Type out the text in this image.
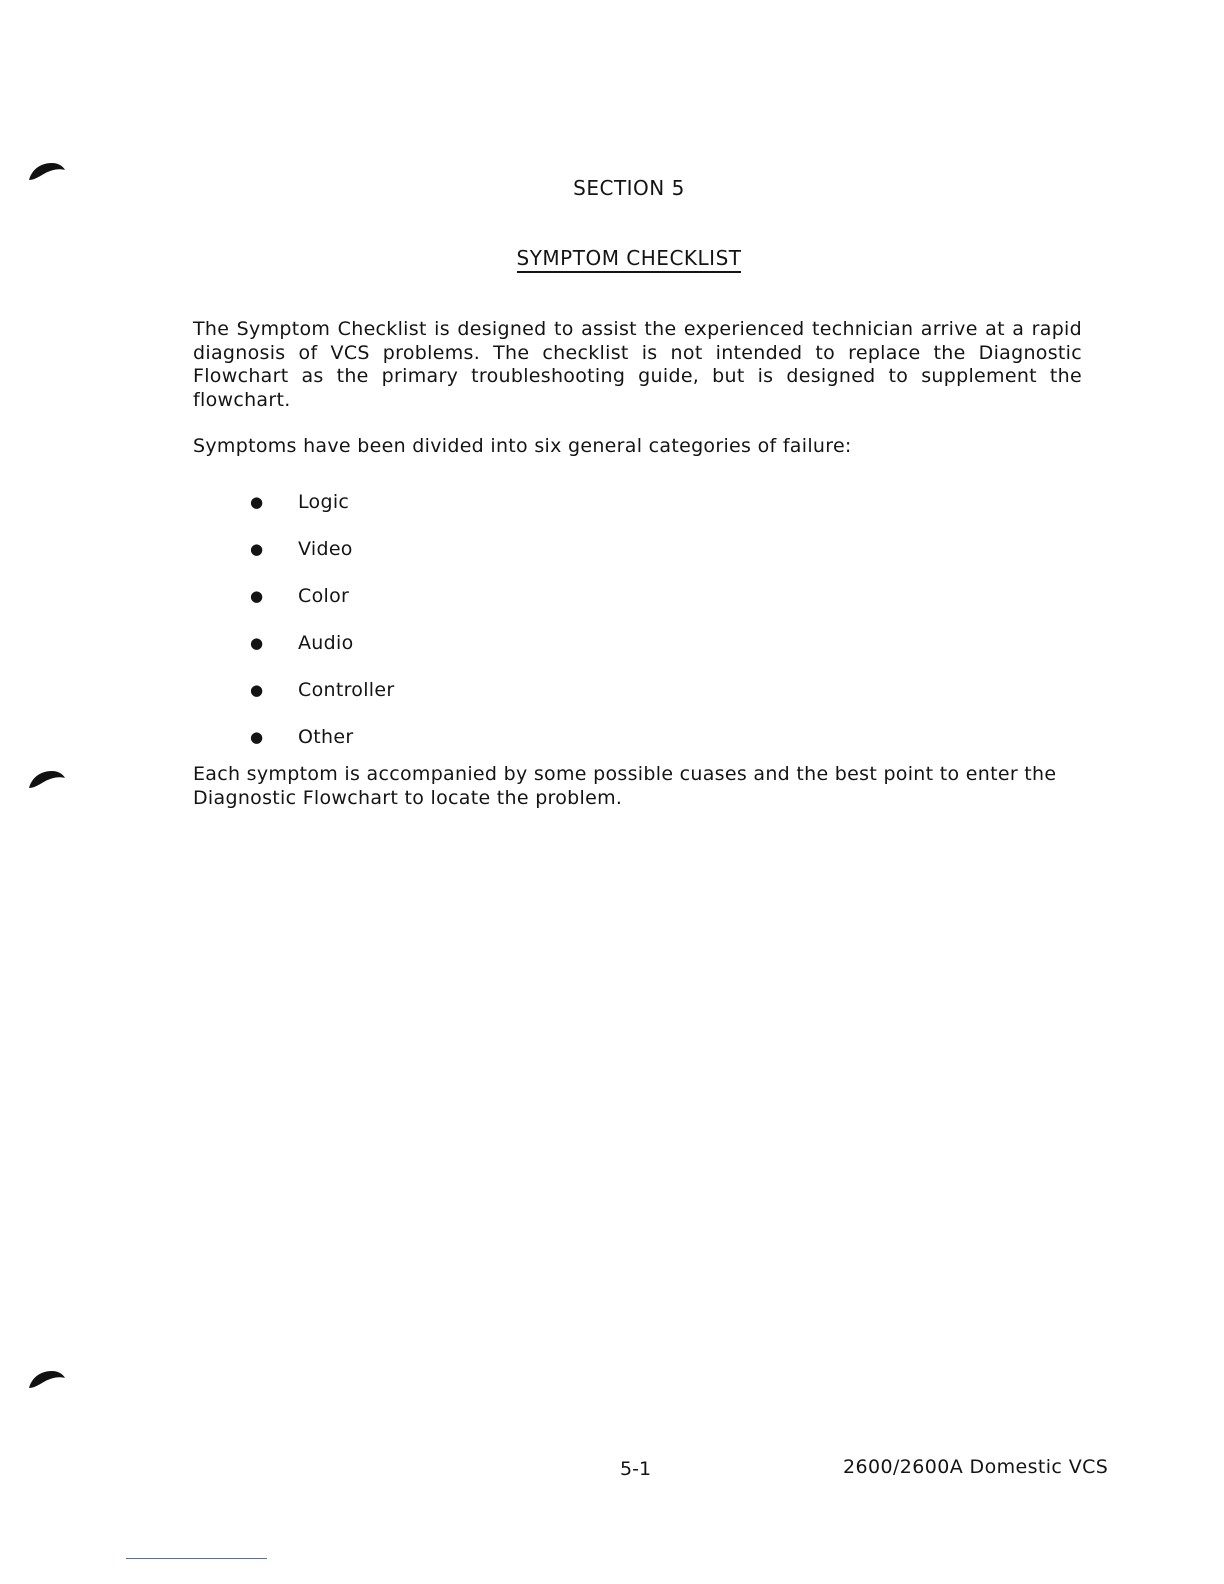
SECTION 5
SYMPTOM CHECKLIST

The Symptom Checklist is designed to assist the experienced technician arrive at a rapid diagnosis of VCS problems. The checklist is not intended to replace the Diagnostic Flowchart as the primary troubleshooting guide, but is designed to supplement the flowchart.

Symptoms have been divided into six general categories of failure:

●	Logic
●	Video
●	Color
●	Audio
●	Controller
●	Other

Each symptom is accompanied by some possible cuases and the best point to enter the Diagnostic Flowchart to locate the problem.

5-1	2600/2600A Domestic VCS
